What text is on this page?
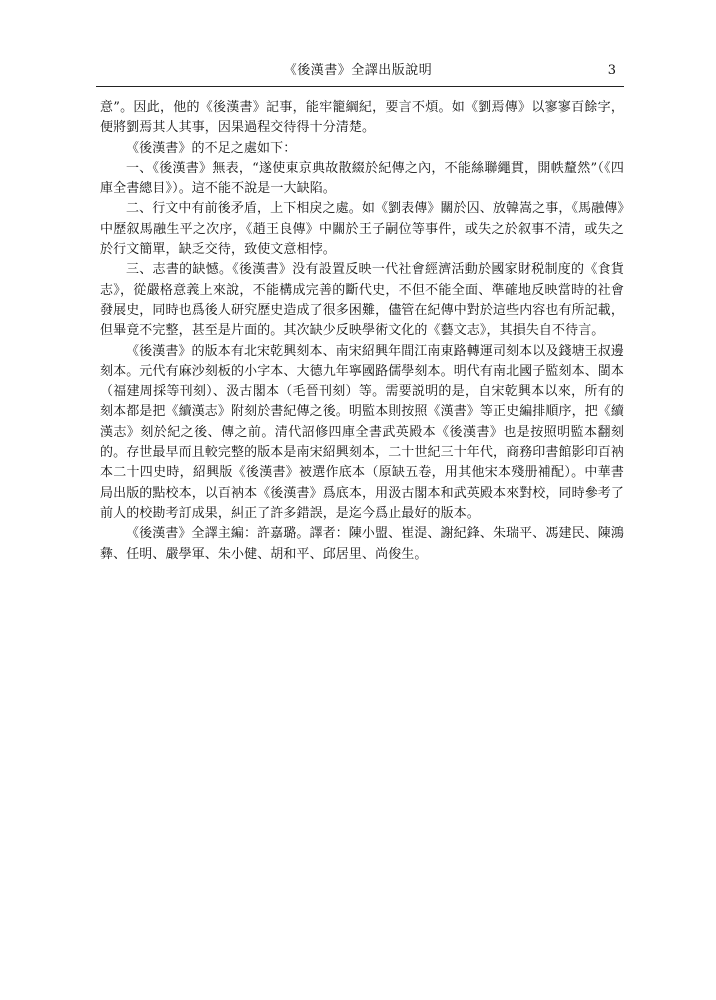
《後漢書》全譯出版說明	3

意”。因此，他的《後漢書》記事，能牢籠綱紀，要言不煩。如《劉焉傳》以寥寥百餘字，便將劉焉其人其事，因果過程交待得十分清楚。

《後漢書》的不足之處如下：

一、《後漢書》無表，“遂使東京典故散綴於紀傳之內，不能絲聯繩貫，開帙釐然”（《四庫全書總目》）。這不能不說是一大缺陷。

二、行文中有前後矛盾，上下相戾之處。如《劉表傳》關於囚、放韓嵩之事，《馬融傳》中歷叙馬融生平之次序，《趙王良傳》中關於王子嗣位等事件，或失之於叙事不清，或失之於行文簡單，缺乏交待，致使文意相悖。

三、志書的缺憾。《後漢書》没有設置反映一代社會經濟活動於國家財税制度的《食貨志》，從嚴格意義上來說，不能構成完善的斷代史，不但不能全面、準確地反映當時的社會發展史，同時也爲後人研究歷史造成了很多困難，儘管在紀傳中對於這些内容也有所記載，但畢竟不完整，甚至是片面的。其次缺少反映學術文化的《藝文志》，其損失自不待言。

《後漢書》的版本有北宋乾興刻本、南宋紹興年間江南東路轉運司刻本以及錢塘王叔邊刻本。元代有麻沙刻板的小字本、大德九年寧國路儒學刻本。明代有南北國子監刻本、閩本（福建周採等刊刻）、汲古閣本（毛晉刊刻）等。需要説明的是，自宋乾興本以來，所有的刻本都是把《續漢志》附刻於書紀傳之後。明監本則按照《漢書》等正史編排順序，把《續漢志》刻於紀之後、傳之前。清代詔修四庫全書武英殿本《後漢書》也是按照明監本翻刻的。存世最早而且較完整的版本是南宋紹興刻本，二十世紀三十年代，商務印書館影印百衲本二十四史時，紹興版《後漢書》被選作底本（原缺五卷，用其他宋本殘册補配）。中華書局出版的點校本，以百衲本《後漢書》爲底本，用汲古閣本和武英殿本來對校，同時參考了前人的校勘考訂成果，糾正了許多錯誤，是迄今爲止最好的版本。

《後漢書》全譯主編：許嘉璐。譯者：陳小盟、崔湜、謝紀鋒、朱瑞平、馮建民、陳鴻彝、任明、嚴學軍、朱小健、胡和平、邱居里、尚俊生。
